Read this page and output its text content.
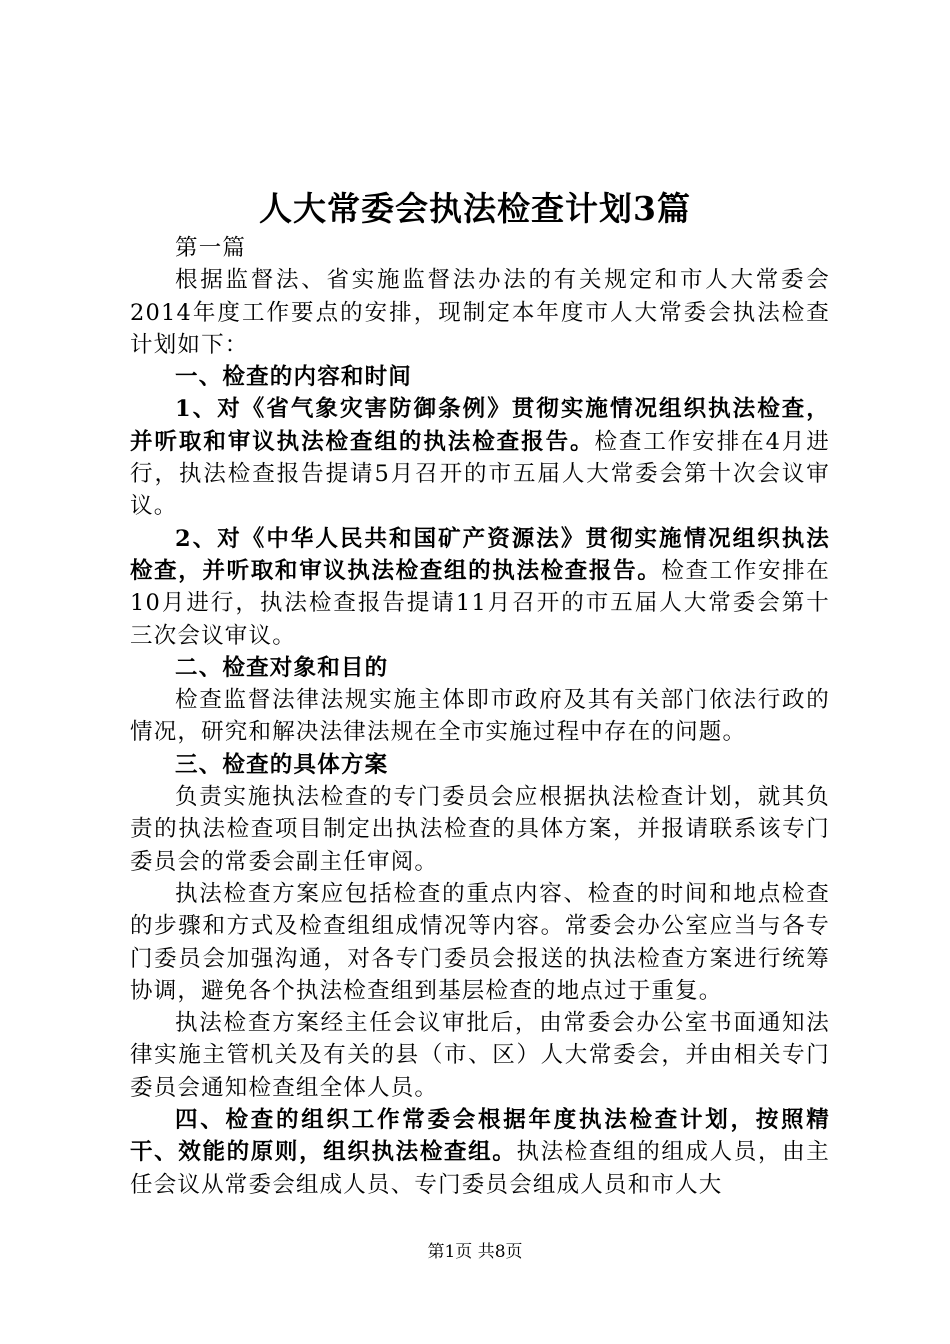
人大常委会执法检查计划3篇

第一篇

根据监督法、省实施监督法办法的有关规定和市人大常委会2014年度工作要点的安排，现制定本年度市人大常委会执法检查计划如下：

一、检查的内容和时间

1、对《省气象灾害防御条例》贯彻实施情况组织执法检查，并听取和审议执法检查组的执法检查报告。检查工作安排在4月进行，执法检查报告提请5月召开的市五届人大常委会第十次会议审议。

2、对《中华人民共和国矿产资源法》贯彻实施情况组织执法检查，并听取和审议执法检查组的执法检查报告。检查工作安排在10月进行，执法检查报告提请11月召开的市五届人大常委会第十三次会议审议。

二、检查对象和目的

检查监督法律法规实施主体即市政府及其有关部门依法行政的情况，研究和解决法律法规在全市实施过程中存在的问题。

三、检查的具体方案

负责实施执法检查的专门委员会应根据执法检查计划，就其负责的执法检查项目制定出执法检查的具体方案，并报请联系该专门委员会的常委会副主任审阅。

执法检查方案应包括检查的重点内容、检查的时间和地点检查的步骤和方式及检查组组成情况等内容。常委会办公室应当与各专门委员会加强沟通，对各专门委员会报送的执法检查方案进行统筹协调，避免各个执法检查组到基层检查的地点过于重复。

执法检查方案经主任会议审批后，由常委会办公室书面通知法律实施主管机关及有关的县（市、区）人大常委会，并由相关专门委员会通知检查组全体人员。

四、检查的组织工作常委会根据年度执法检查计划，按照精干、效能的原则，组织执法检查组。执法检查组的组成人员，由主任会议从常委会组成人员、专门委员会组成人员和市人大

第1页 共8页
